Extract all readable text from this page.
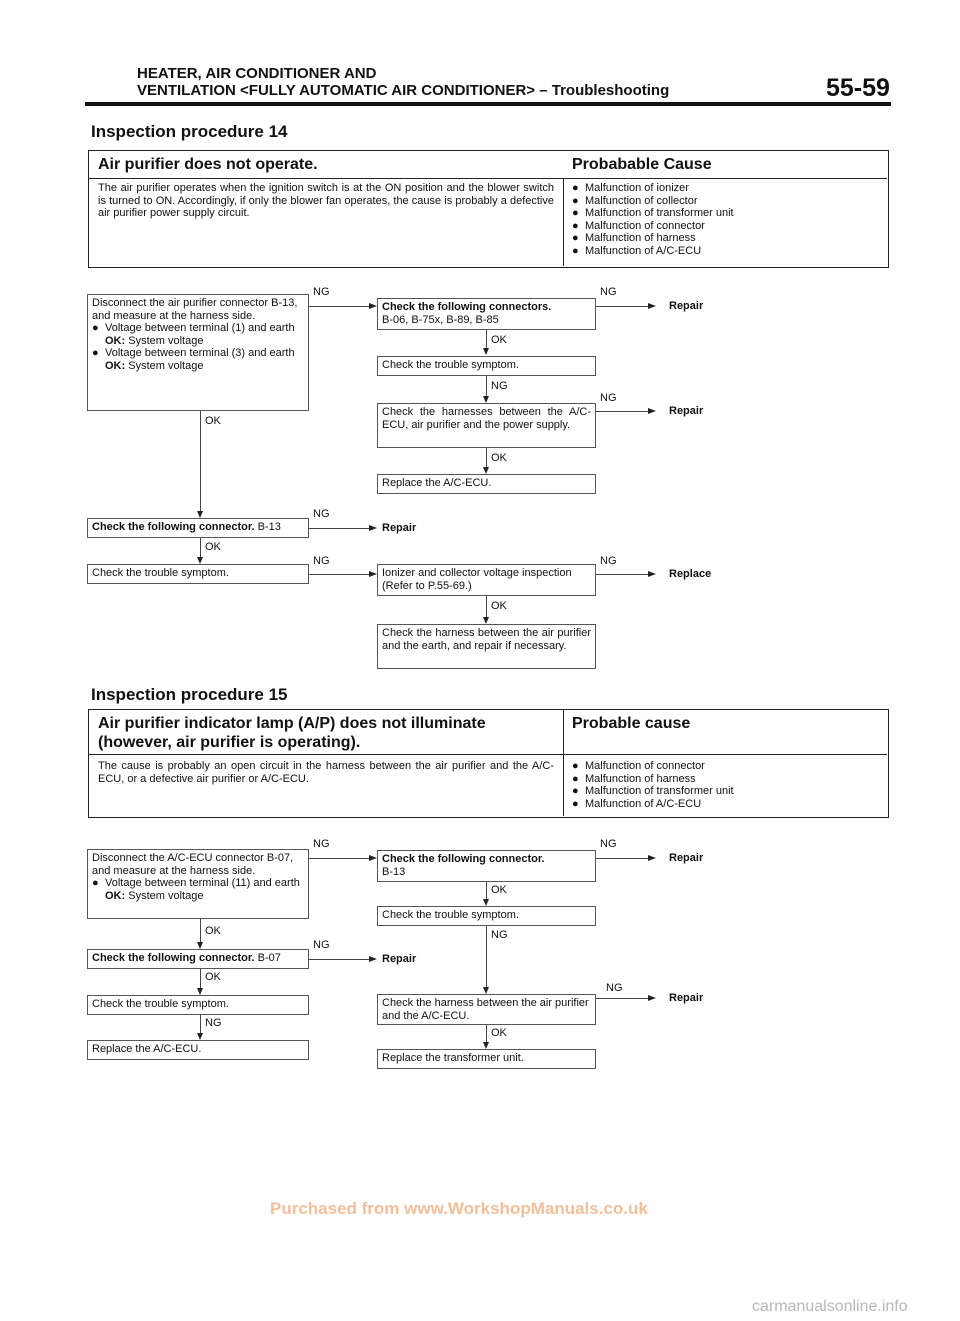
HEATER, AIR CONDITIONER AND
VENTILATION <FULLY AUTOMATIC AIR CONDITIONER> – Troubleshooting	55-59
Inspection procedure 14
Air purifier does not operate.	Probabable Cause
The air purifier operates when the ignition switch is at the ON position and the blower switch is turned to ON. Accordingly, if only the blower fan operates, the cause is probably a defective air purifier power supply circuit.
● Malfunction of ionizer
● Malfunction of collector
● Malfunction of transformer unit
● Malfunction of connector
● Malfunction of harness
● Malfunction of A/C-ECU
Disconnect the air purifier connector B-13, and measure at the harness side.
● Voltage between terminal (1) and earth
OK: System voltage
● Voltage between terminal (3) and earth
OK: System voltage
Check the following connectors.
B-06, B-75x, B-89, B-85
Check the trouble symptom.
Check the harnesses between the A/C-ECU, air purifier and the power supply.
Replace the A/C-ECU.
Check the following connector. B-13
Check the trouble symptom.	Ionizer and collector voltage inspection (Refer to P.55-69.)
Check the harness between the air purifier and the earth, and repair if necessary.
NG	NG
Repair
OK
NG
NG
Repair
OK
OK
NG
Repair
OK
NG	NG
Replace
OK
Inspection procedure 15
Air purifier indicator lamp (A/P) does not illuminate (however, air purifier is operating).
Probable cause
The cause is probably an open circuit in the harness between the air purifier and the A/C-ECU, or a defective air purifier or A/C-ECU.
● Malfunction of connector
● Malfunction of harness
● Malfunction of transformer unit
● Malfunction of A/C-ECU
Disconnect the A/C-ECU connector B-07, and measure at the harness side.
● Voltage between terminal (11) and earth
OK: System voltage
Check the following connector. B-07
Check the trouble symptom.
Replace the A/C-ECU.
Check the following connector.
B-13
Check the trouble symptom.
Check the harness between the air purifier and the A/C-ECU.
Replace the transformer unit.
NG	NG
Repair
OK
NG
NG
Repair
OK
OK
NG
Repair
OK
NG
Purchased from www.WorkshopManuals.co.uk
carmanualsonline.info
